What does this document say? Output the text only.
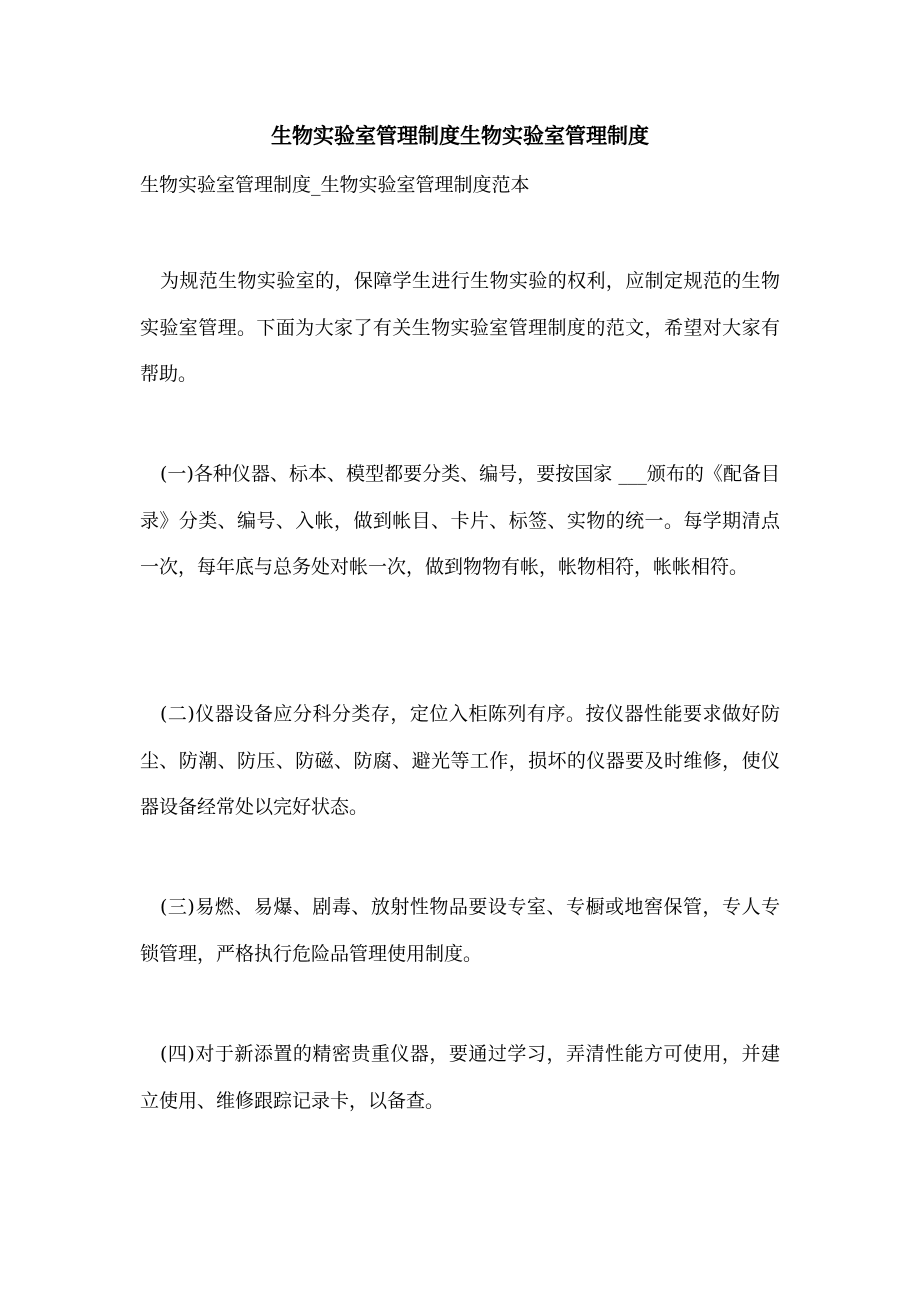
生物实验室管理制度生物实验室管理制度
生物实验室管理制度_生物实验室管理制度范本

为规范生物实验室的，保障学生进行生物实验的权利，应制定规范的生物实验室管理。下面为大家了有关生物实验室管理制度的范文，希望对大家有帮助。

(一)各种仪器、标本、模型都要分类、编号，要按国家 ___颁布的《配备目录》分类、编号、入帐，做到帐目、卡片、标签、实物的统一。每学期清点一次，每年底与总务处对帐一次，做到物物有帐，帐物相符，帐帐相符。

(二)仪器设备应分科分类存，定位入柜陈列有序。按仪器性能要求做好防尘、防潮、防压、防磁、防腐、避光等工作，损坏的仪器要及时维修，使仪器设备经常处以完好状态。

(三)易燃、易爆、剧毒、放射性物品要设专室、专橱或地窖保管，专人专锁管理，严格执行危险品管理使用制度。

(四)对于新添置的精密贵重仪器，要通过学习，弄清性能方可使用，并建立使用、维修跟踪记录卡，以备查。
